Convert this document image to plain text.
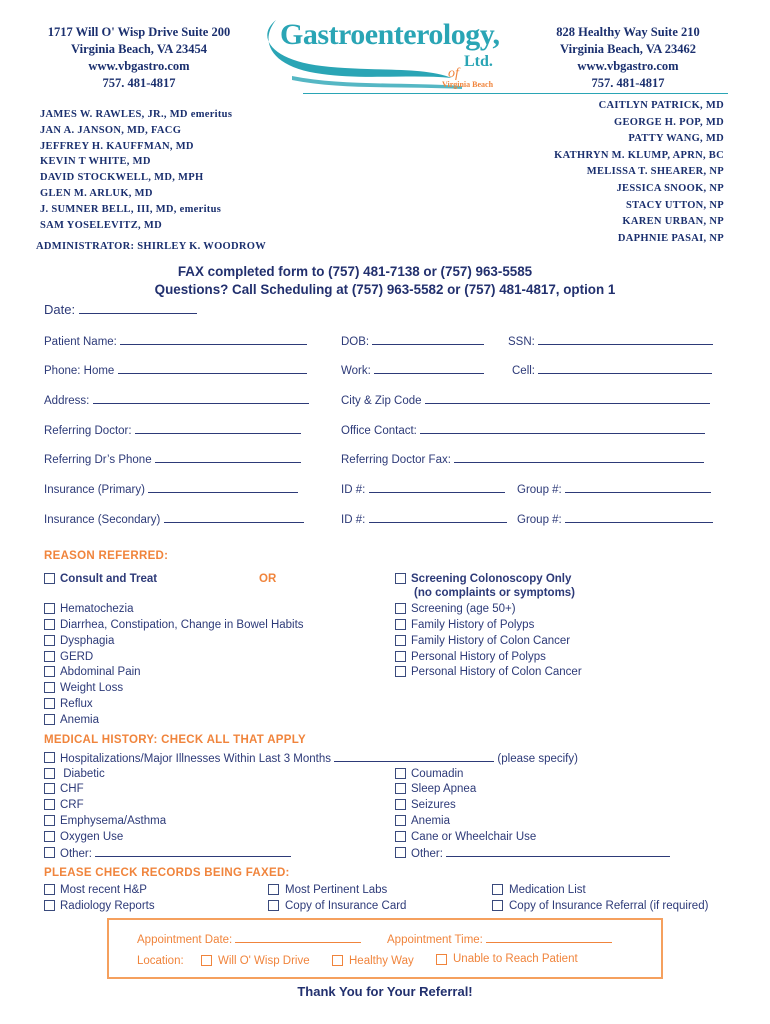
1717 Will O' Wisp Drive Suite 200
Virginia Beach, VA 23454
www.vbgastro.com
757. 481-4817
828 Healthy Way Suite 210
Virginia Beach, VA 23462
www.vbgastro.com
757. 481-4817
Gastroenterology,
Ltd.
of
Virginia Beach
JAMES W. RAWLES, JR., MD emeritus
JAN A. JANSON, MD, FACG
JEFFREY H. KAUFFMAN, MD
KEVIN T WHITE, MD
DAVID STOCKWELL, MD, MPH
GLEN M. ARLUK, MD
J. SUMNER BELL, III, MD, emeritus
SAM YOSELEVITZ, MD
ADMINISTRATOR: SHIRLEY K. WOODROW
CAITLYN PATRICK, MD
GEORGE H. POP, MD
PATTY WANG, MD
KATHRYN M. KLUMP, APRN, BC
MELISSA T. SHEARER, NP
JESSICA SNOOK, NP
STACY UTTON, NP
KAREN URBAN, NP
DAPHNIE PASAI, NP
FAX completed form to (757) 481-7138 or (757) 963-5585
Questions? Call Scheduling at (757) 963-5582 or (757) 481-4817, option 1
Date:
Patient Name:	DOB:	SSN:
Phone: Home	Work:	Cell:
Address:	City & Zip Code
Referring Doctor:	Office Contact:
Referring Dr’s Phone	Referring Doctor Fax:
Insurance (Primary)	ID #:	Group #:
Insurance (Secondary)	ID #:	Group #:
REASON REFERRED:
Consult and Treat	OR	Screening Colonoscopy Only
(no complaints or symptoms)
Hematochezia
Diarrhea, Constipation, Change in Bowel Habits
Dysphagia
GERD
Abdominal Pain
Weight Loss
Reflux
Anemia
Screening (age 50+)
Family History of Polyps
Family History of Colon Cancer
Personal History of Polyps
Personal History of Colon Cancer
MEDICAL HISTORY: CHECK ALL THAT APPLY
Hospitalizations/Major Illnesses Within Last 3 Months	(please specify)
Diabetic
CHF
CRF
Emphysema/Asthma
Oxygen Use
Other:
Coumadin
Sleep Apnea
Seizures
Anemia
Cane or Wheelchair Use
Other:
PLEASE CHECK RECORDS BEING FAXED:
Most recent H&P	Most Pertinent Labs	Medication List
Radiology Reports	Copy of Insurance Card	Copy of Insurance Referral (if required)
Appointment Date:	Appointment Time:
Location:	Will O' Wisp Drive	Healthy Way	Unable to Reach Patient
Thank You for Your Referral!
